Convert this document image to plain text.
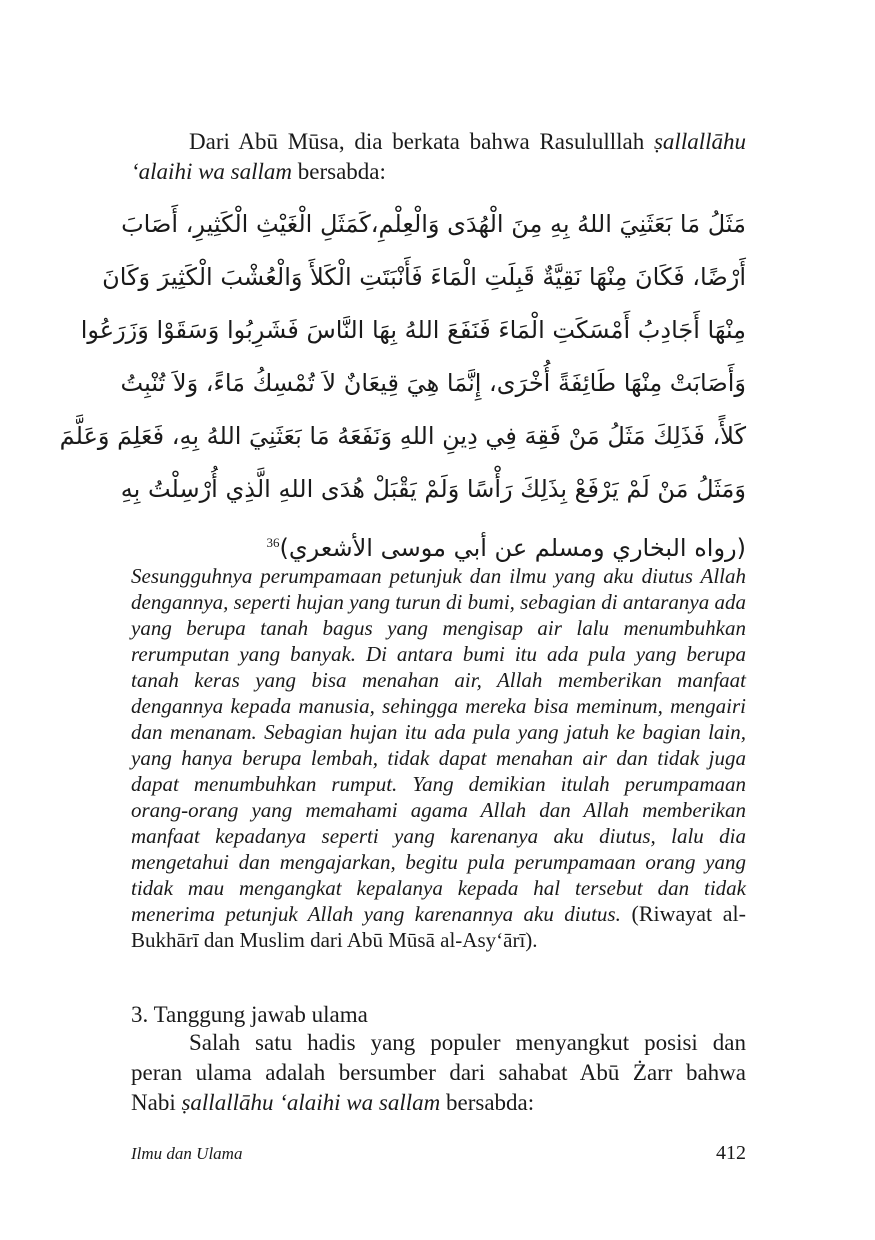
Dari Abū Mūsa, dia berkata bahwa Rasululllah ṣallallāhu ‘alaihi wa sallam bersabda:

مَثَلُ مَا بَعَثَنِيَ اللهُ بِهِ مِنَ الْهُدَى وَالْعِلْمِ،كَمَثَلِ الْغَيْثِ الْكَثِيرِ، أَصَابَ
أَرْضًا، فَكَانَ مِنْهَا نَقِيَّةٌ قَبِلَتِ الْمَاءَ فَأَنْبَتَتِ الْكَلأَ وَالْعُشْبَ الْكَثِيرَ وَكَانَ
مِنْهَا أَجَادِبُ أَمْسَكَتِ الْمَاءَ فَنَفَعَ اللهُ بِهَا النَّاسَ فَشَرِبُوا وَسَقَوْا وَزَرَعُوا
وَأَصَابَتْ مِنْهَا طَائِفَةً أُخْرَى، إِنَّمَا هِيَ قِيعَانٌ لاَ تُمْسِكُ مَاءً، وَلاَ تُنْبِتُ
كَلأً، فَذَلِكَ مَثَلُ مَنْ فَقِهَ فِي دِينِ اللهِ وَنَفَعَهُ مَا بَعَثَنِيَ اللهُ بِهِ، فَعَلِمَ وَعَلَّمَ
وَمَثَلُ مَنْ لَمْ يَرْفَعْ بِذَلِكَ رَأْسًا وَلَمْ يَقْبَلْ هُدَى اللهِ الَّذِي أُرْسِلْتُ بِهِ
(رواه البخاري ومسلم عن أبي موسى الأشعري)$^{36}$
Sesungguhnya perumpamaan petunjuk dan ilmu yang aku diutus Allah
dengannya, seperti hujan yang turun di bumi, sebagian di antaranya ada
yang berupa tanah bagus yang mengisap air lalu menumbuhkan
rerumputan yang banyak. Di antara bumi itu ada pula yang berupa
tanah keras yang bisa menahan air, Allah memberikan manfaat
dengannya kepada manusia, sehingga mereka bisa meminum, mengairi
dan menanam. Sebagian hujan itu ada pula yang jatuh ke bagian lain,
yang hanya berupa lembah, tidak dapat menahan air dan tidak juga
dapat menumbuhkan rumput. Yang demikian itulah perumpamaan
orang-orang yang memahami agama Allah dan Allah memberikan
manfaat kepadanya seperti yang karenanya aku diutus, lalu dia
mengetahui dan mengajarkan, begitu pula perumpamaan orang yang
tidak mau mengangkat kepalanya kepada hal tersebut dan tidak
menerima petunjuk Allah yang karenannya aku diutus. (Riwayat al-
Bukhārī dan Muslim dari Abū Mūsā al-Asy‘ārī).
3. Tanggung jawab ulama
Salah satu hadis yang populer menyangkut posisi dan
peran ulama adalah bersumber dari sahabat Abū Żarr bahwa
Nabi ṣallallāhu ‘alaihi wa sallam bersabda:

Ilmu dan Ulama	412
